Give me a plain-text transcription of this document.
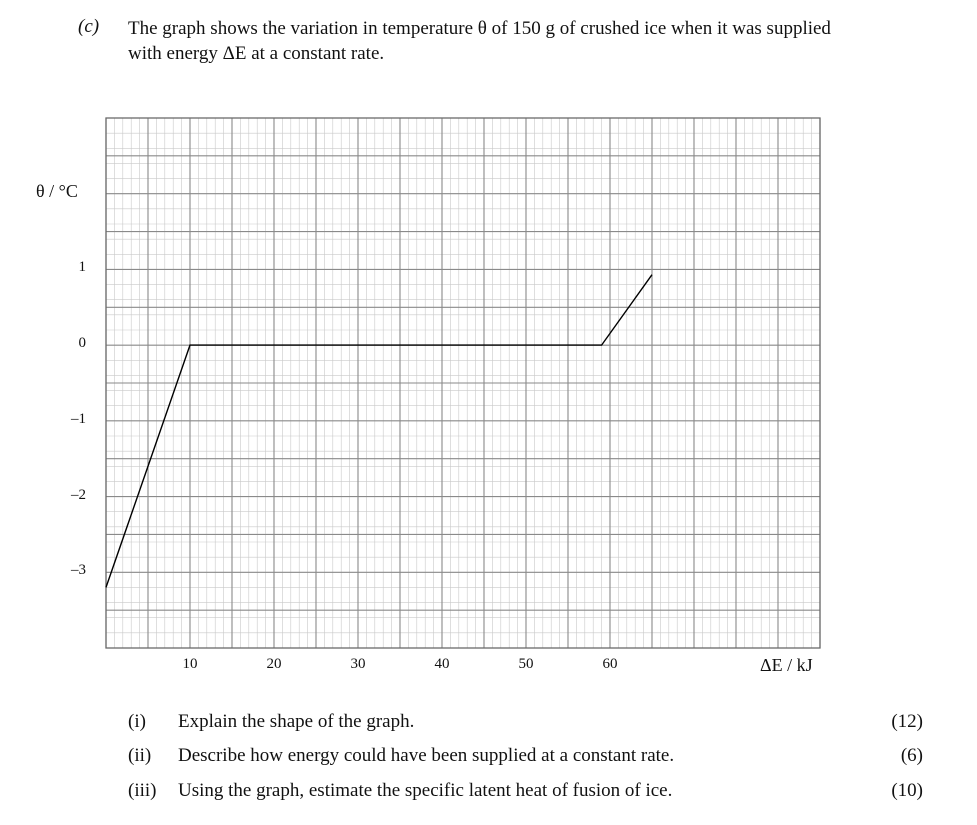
(c) The graph shows the variation in temperature θ of 150 g of crushed ice when it was supplied
with energy ΔE at a constant rate.
θ / °C
1
0
–1
–2
–3
10	20	30	40	50	60	ΔE / kJ
(i) Explain the shape of the graph.	(12)
(ii) Describe how energy could have been supplied at a constant rate.	(6)
(iii) Using the graph, estimate the specific latent heat of fusion of ice.	(10)
